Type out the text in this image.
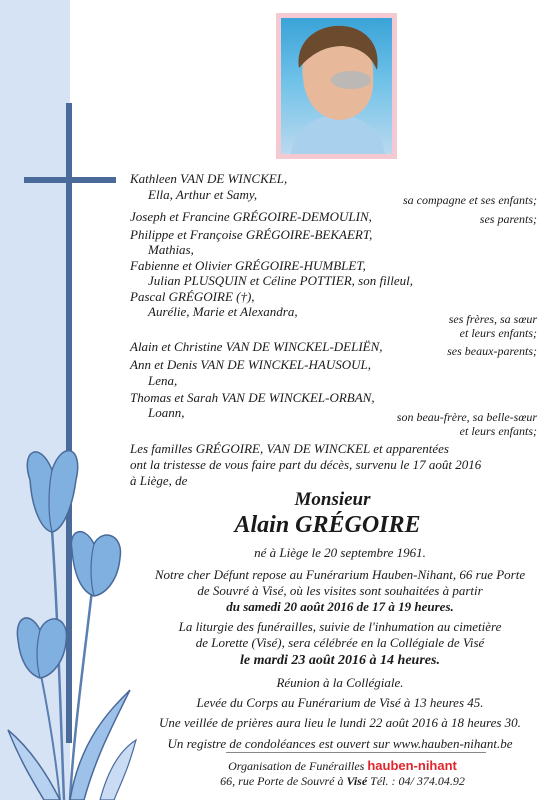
Kathleen VAN DE WINCKEL,
Ella, Arthur et Samy,
Joseph et Francine GRÉGOIRE-DEMOULIN,
Philippe et Françoise GRÉGOIRE-BEKAERT,
Mathias,
Fabienne et Olivier GRÉGOIRE-HUMBLET,
Julian PLUSQUIN et Céline POTTIER, son filleul,
Pascal GRÉGOIRE (†),
Aurélie, Marie et Alexandra,
Alain et Christine VAN DE WINCKEL-DELIËN,
Ann et Denis VAN DE WINCKEL-HAUSOUL,
Lena,
Thomas et Sarah VAN DE WINCKEL-ORBAN,
Loann,
sa compagne et ses enfants;
ses parents;
ses frères, sa sœur
et leurs enfants;
ses beaux-parents;
son beau-frère, sa belle-sœur
et leurs enfants;
Les familles GRÉGOIRE, VAN DE WINCKEL et apparentées
ont la tristesse de vous faire part du décès, survenu le 17 août 2016
à Liège, de
Monsieur
Alain GRÉGOIRE
né à Liège le 20 septembre 1961.
Notre cher Défunt repose au Funérarium Hauben-Nihant, 66 rue Porte
de Souvré à Visé, où les visites sont souhaitées à partir
du samedi 20 août 2016 de 17 à 19 heures.
La liturgie des funérailles, suivie de l'inhumation au cimetière
de Lorette (Visé), sera célébrée en la Collégiale de Visé
le mardi 23 août 2016 à 14 heures.
Réunion à la Collégiale.
Levée du Corps au Funérarium de Visé à 13 heures 45.
Une veillée de prières aura lieu le lundi 22 août 2016 à 18 heures 30.
Un registre de condoléances est ouvert sur www.hauben-nihant.be
Organisation de Funérailles hauben-nihant
66, rue Porte de Souvré à Visé Tél. : 04/ 374.04.92
